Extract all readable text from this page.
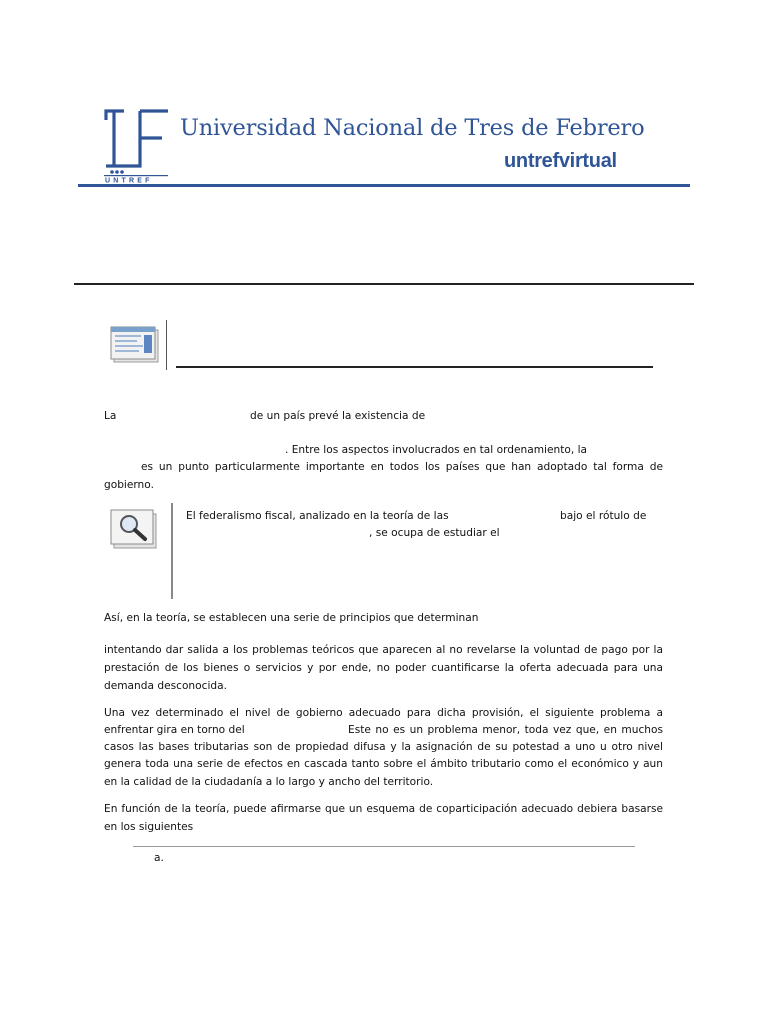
UNTREF
Universidad Nacional de Tres de Febrero
untrefvirtual
La	de un país prevé la existencia de
. Entre los aspectos involucrados en tal ordenamiento, la
es un punto particularmente importante en todos los países que han adoptado tal forma de
gobierno.
El federalismo fiscal, analizado en la teoría de las	bajo el rótulo de
, se ocupa de estudiar el
Así, en la teoría, se establecen una serie de principios que determinan
intentando dar salida a los problemas teóricos que aparecen al no revelarse la voluntad de pago por la
prestación de los bienes o servicios y por ende, no poder cuantificarse la oferta adecuada para una
demanda desconocida.
Una vez determinado el nivel de gobierno adecuado para dicha provisión, el siguiente problema a
enfrentar gira en torno del	Este no es un problema menor, toda vez que, en muchos
casos las bases tributarias son de propiedad difusa y la asignación de su potestad a uno u otro nivel
genera toda una serie de efectos en cascada tanto sobre el ámbito tributario como el económico y aun
en la calidad de la ciudadanía a lo largo y ancho del territorio.
En función de la teoría, puede afirmarse que un esquema de coparticipación adecuado debiera basarse
en los siguientes
a.
